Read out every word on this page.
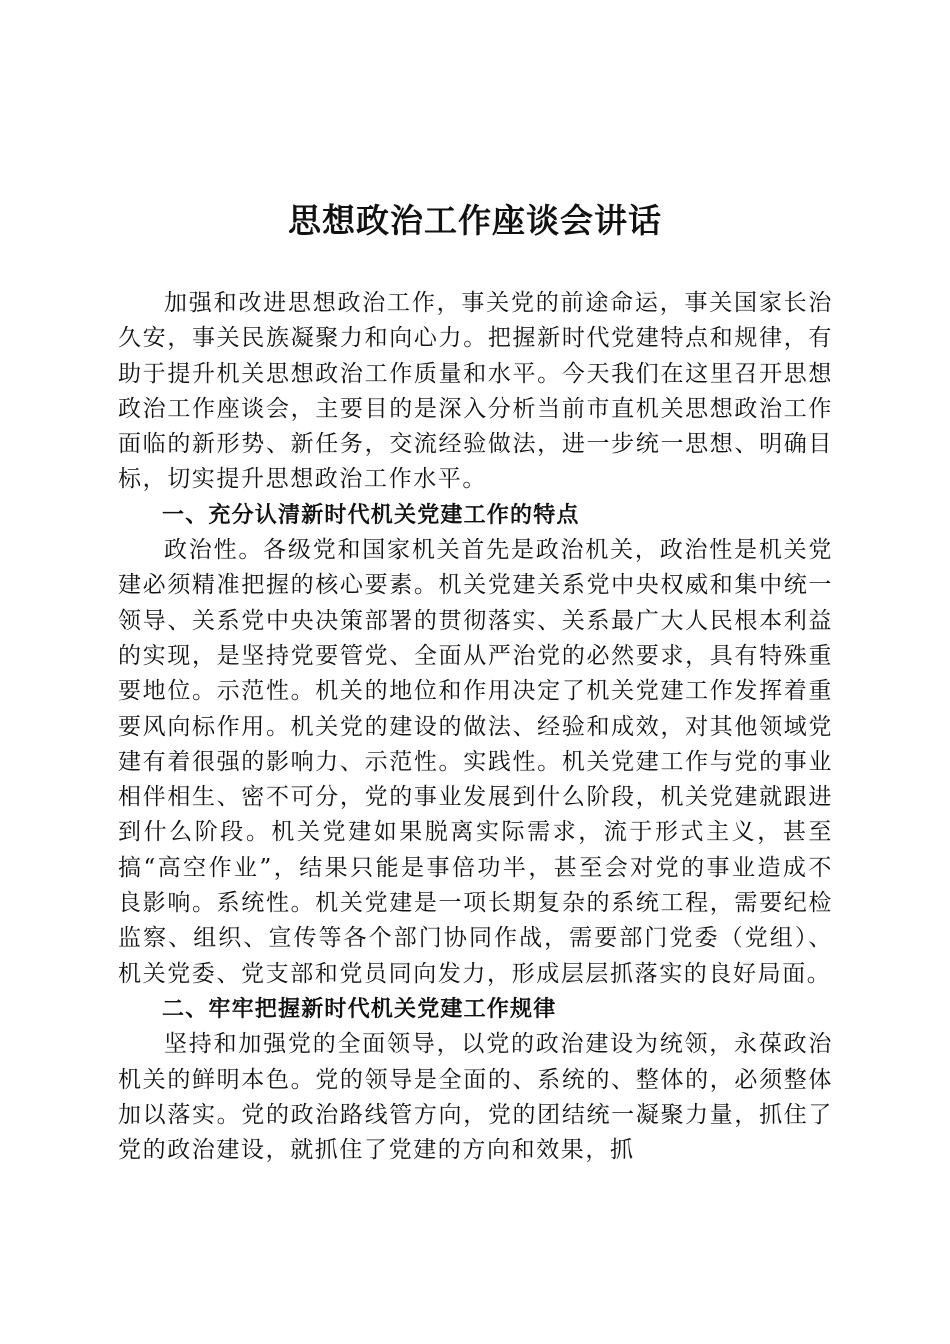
思想政治工作座谈会讲话

加强和改进思想政治工作，事关党的前途命运，事关国家长治久安，事关民族凝聚力和向心力。把握新时代党建特点和规律，有助于提升机关思想政治工作质量和水平。今天我们在这里召开思想政治工作座谈会，主要目的是深入分析当前市直机关思想政治工作面临的新形势、新任务，交流经验做法，进一步统一思想、明确目标，切实提升思想政治工作水平。

一、充分认清新时代机关党建工作的特点

政治性。各级党和国家机关首先是政治机关，政治性是机关党建必须精准把握的核心要素。机关党建关系党中央权威和集中统一领导、关系党中央决策部署的贯彻落实、关系最广大人民根本利益的实现，是坚持党要管党、全面从严治党的必然要求，具有特殊重要地位。示范性。机关的地位和作用决定了机关党建工作发挥着重要风向标作用。机关党的建设的做法、经验和成效，对其他领域党建有着很强的影响力、示范性。实践性。机关党建工作与党的事业相伴相生、密不可分，党的事业发展到什么阶段，机关党建就跟进到什么阶段。机关党建如果脱离实际需求，流于形式主义，甚至搞“高空作业”，结果只能是事倍功半，甚至会对党的事业造成不良影响。系统性。机关党建是一项长期复杂的系统工程，需要纪检监察、组织、宣传等各个部门协同作战，需要部门党委（党组）、机关党委、党支部和党员同向发力，形成层层抓落实的良好局面。

二、牢牢把握新时代机关党建工作规律

坚持和加强党的全面领导，以党的政治建设为统领，永葆政治机关的鲜明本色。党的领导是全面的、系统的、整体的，必须整体加以落实。党的政治路线管方向，党的团结统一凝聚力量，抓住了党的政治建设，就抓住了党建的方向和效果，抓
